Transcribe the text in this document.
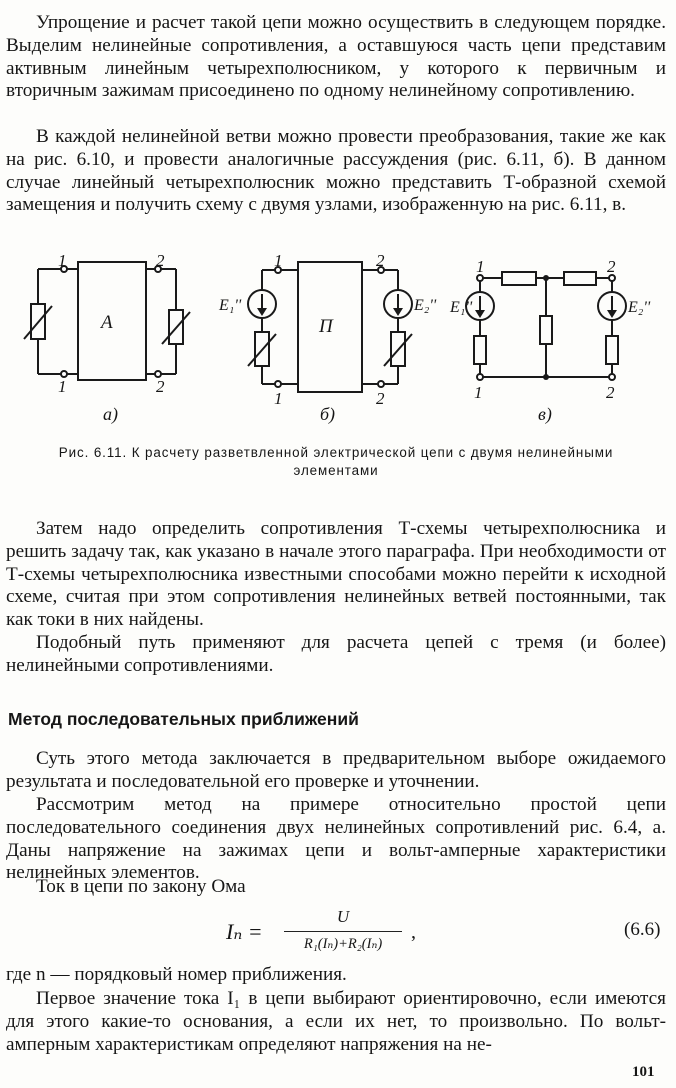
Упрощение и расчет такой цепи можно осуществить в следующем порядке. Выделим нелинейные сопротивления, а оставшуюся часть цепи представим активным линейным четырехполюсником, у которого к первичным и вторичным зажимам присоединено по одному нелинейному сопротивлению.

В каждой нелинейной ветви можно провести преобразования, такие же как на рис. 6.10, и провести аналогичные рассуждения (рис. 6.11, б). В данном случае линейный четырехполюсник можно представить Т-образной схемой замещения и получить схему с двумя узлами, изображенную на рис. 6.11, в.

1	2
1	2
A
а)
1	2
1	2
E₁''	E₂''
П
б)
1	2
1	2
E₁''	E₂''
в)

Рис. 6.11. К расчету разветвленной электрической цепи с двумя нелинейными элементами

Затем надо определить сопротивления Т-схемы четырехполюсника и решить задачу так, как указано в начале этого параграфа. При необходимости от Т-схемы четырехполюсника известными способами можно перейти к исходной схеме, считая при этом сопротивления нелинейных ветвей постоянными, так как токи в них найдены.

Подобный путь применяют для расчета цепей с тремя (и более) нелинейными сопротивлениями.

Метод последовательных приближений

Суть этого метода заключается в предварительном выборе ожидаемого результата и последовательной его проверке и уточнении.

Рассмотрим метод на примере относительно простой цепи последовательного соединения двух нелинейных сопротивлений рис. 6.4, а. Даны напряжение на зажимах цепи и вольт-амперные характеристики нелинейных элементов.

Ток в цепи по закону Ома

Iₙ =
U
R₁(Iₙ)+R₂(Iₙ)
,	(6.6)

где n — порядковый номер приближения.

Первое значение тока I₁ в цепи выбирают ориентировочно, если имеются для этого какие-то основания, а если их нет, то произвольно. По вольт-амперным характеристикам определяют напряжения на не-

101
